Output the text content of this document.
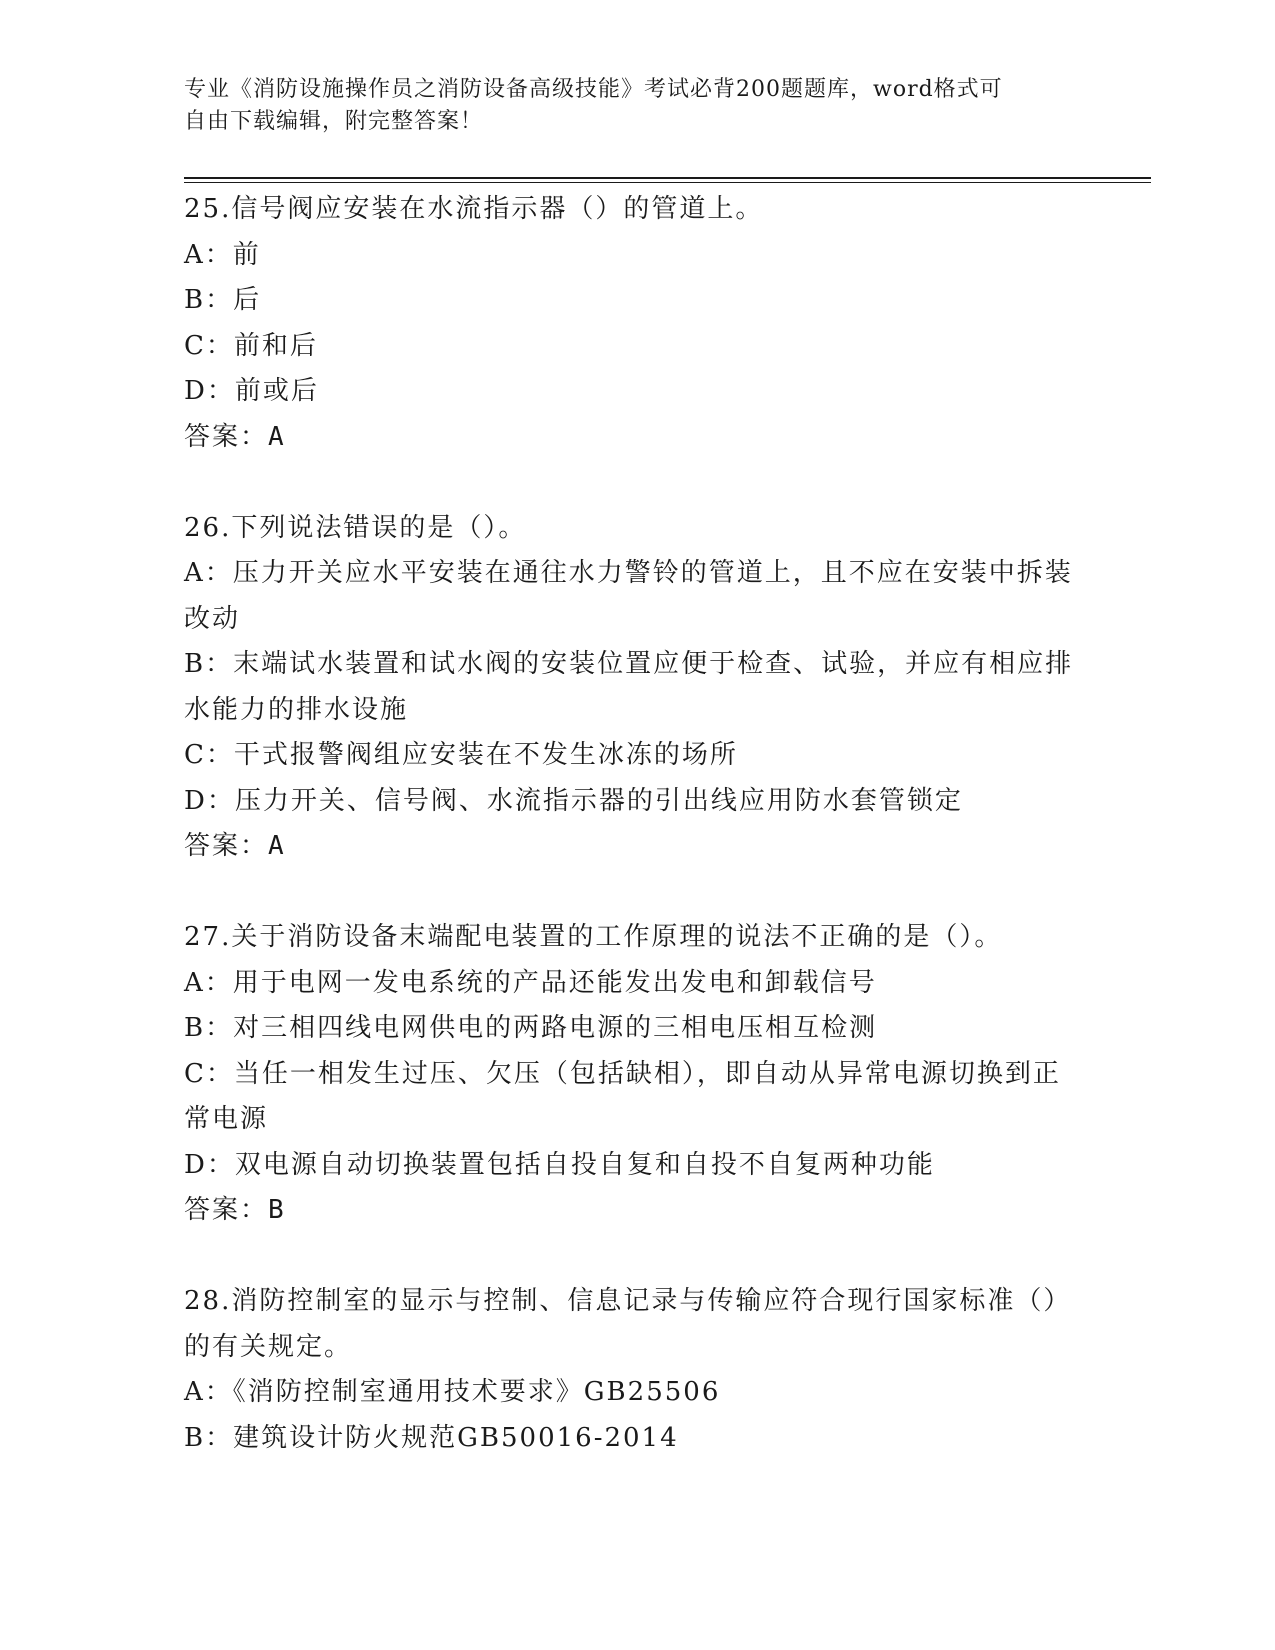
专业《消防设施操作员之消防设备高级技能》考试必背200题题库，word格式可
自由下载编辑，附完整答案！

25.信号阀应安装在水流指示器（）的管道上。

A：前

B：后

C：前和后

D：前或后

答案：A

26.下列说法错误的是（）。

A：压力开关应水平安装在通往水力警铃的管道上，且不应在安装中拆装改动

B：末端试水装置和试水阀的安装位置应便于检查、试验，并应有相应排水能力的排水设施

C：干式报警阀组应安装在不发生冰冻的场所

D：压力开关、信号阀、水流指示器的引出线应用防水套管锁定

答案：A

27.关于消防设备末端配电装置的工作原理的说法不正确的是（）。

A：用于电网一发电系统的产品还能发出发电和卸载信号

B：对三相四线电网供电的两路电源的三相电压相互检测

C：当任一相发生过压、欠压（包括缺相），即自动从异常电源切换到正常电源

D：双电源自动切换装置包括自投自复和自投不自复两种功能

答案：B

28.消防控制室的显示与控制、信息记录与传输应符合现行国家标准（）的有关规定。

A：《消防控制室通用技术要求》GB25506

B：建筑设计防火规范GB50016-2014
